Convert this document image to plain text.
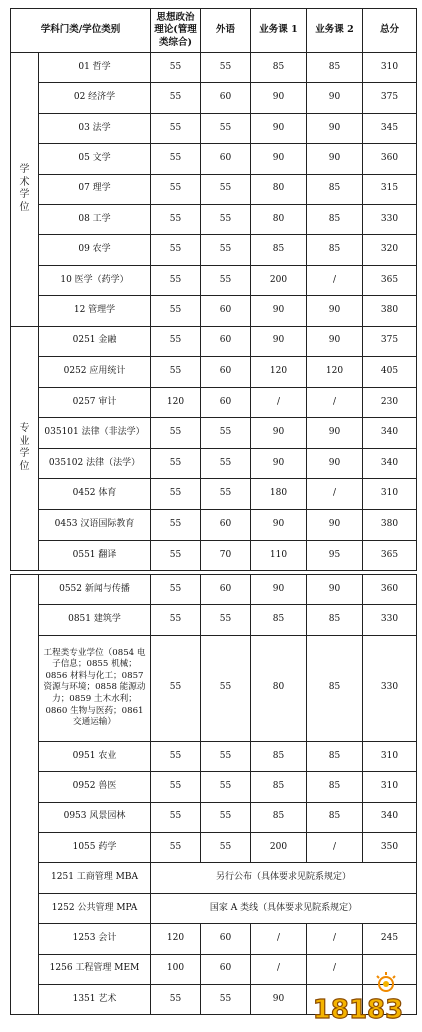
学科门类/学位类别		思想政治理论(管理类综合)	外语	业务课 1	业务课 2	总分

学
术
学
位	01 哲学	55	55	85	85	310
	02 经济学	55	60	90	90	375
	03 法学	55	55	90	90	345
	05 文学	55	60	90	90	360
	07 理学	55	55	80	85	315
	08 工学	55	55	80	85	330
	09 农学	55	55	85	85	320
	10 医学（药学）	55	55	200	/	365
	12 管理学	55	60	90	90	380

专
业
学
位	0251 金融	55	60	90	90	375
	0252 应用统计	55	60	120	120	405
	0257 审计	120	60	/	/	230
	035101 法律（非法学）	55	55	90	90	340
	035102 法律（法学）	55	55	90	90	340
	0452 体育	55	55	180	/	310
	0453 汉语国际教育	55	60	90	90	380
	0551 翻译	55	70	110	95	365
	0552 新闻与传播	55	60	90	90	360
	0851 建筑学	55	55	85	85	330
	工程类专业学位（0854 电子信息；0855 机械；0856 材料与化工；0857 资源与环境；0858 能源动力；0859 土木水利；0860 生物与医药；0861 交通运输）	55	55	80	85	330
	0951 农业	55	55	85	85	310
	0952 兽医	55	55	85	85	310
	0953 风景园林	55	55	85	85	340
	1055 药学	55	55	200	/	350
	1251 工商管理 MBA	另行公布（具体要求见院系规定）				
	1252 公共管理 MPA	国家 A 类线（具体要求见院系规定）				
	1253 会计	120	60	/	/	245
	1256 工程管理 MEM	100	60	/	/	
	1351 艺术	55	55	90		18183
